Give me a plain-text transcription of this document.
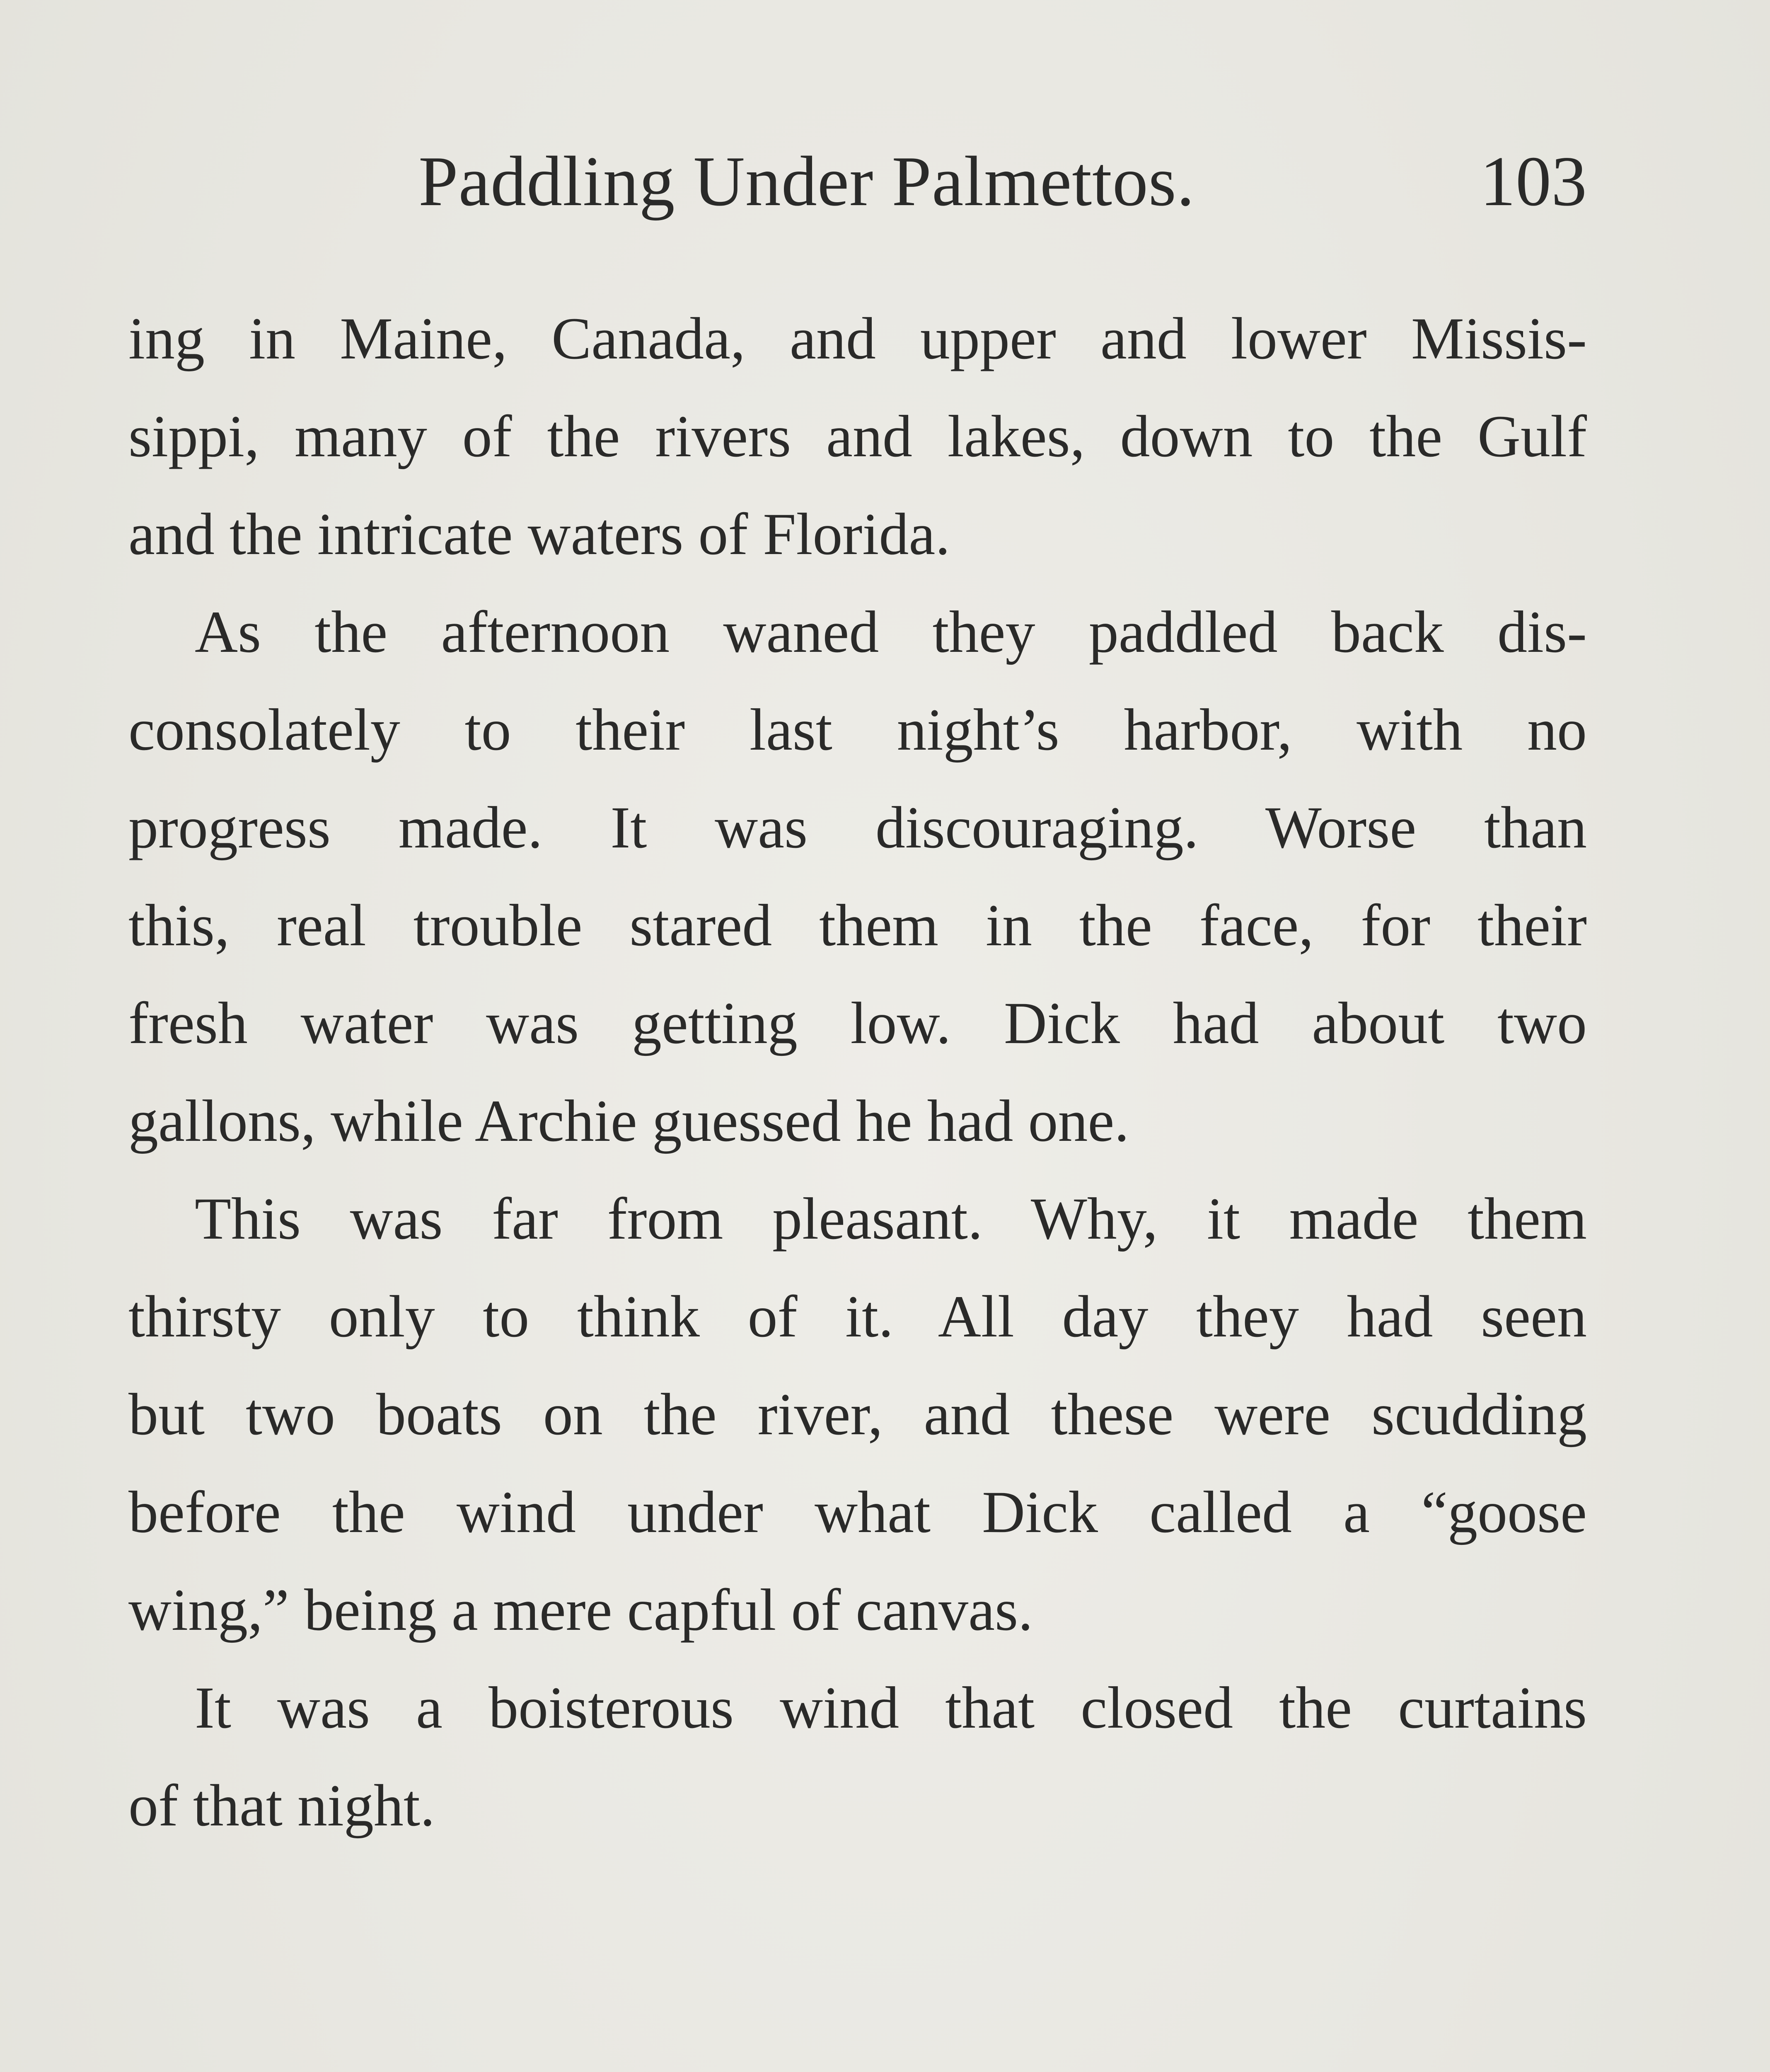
Paddling Under Palmettos.	103
ing in Maine, Canada, and upper and lower Missis-
sippi, many of the rivers and lakes, down to the Gulf
and the intricate waters of Florida.
As the afternoon waned they paddled back dis-
consolately to their last night’s harbor, with no
progress made. It was discouraging. Worse than
this, real trouble stared them in the face, for their
fresh water was getting low. Dick had about two
gallons, while Archie guessed he had one.
This was far from pleasant. Why, it made them
thirsty only to think of it. All day they had seen
but two boats on the river, and these were scudding
before the wind under what Dick called a “goose
wing,” being a mere capful of canvas.
It was a boisterous wind that closed the curtains
of that night.
